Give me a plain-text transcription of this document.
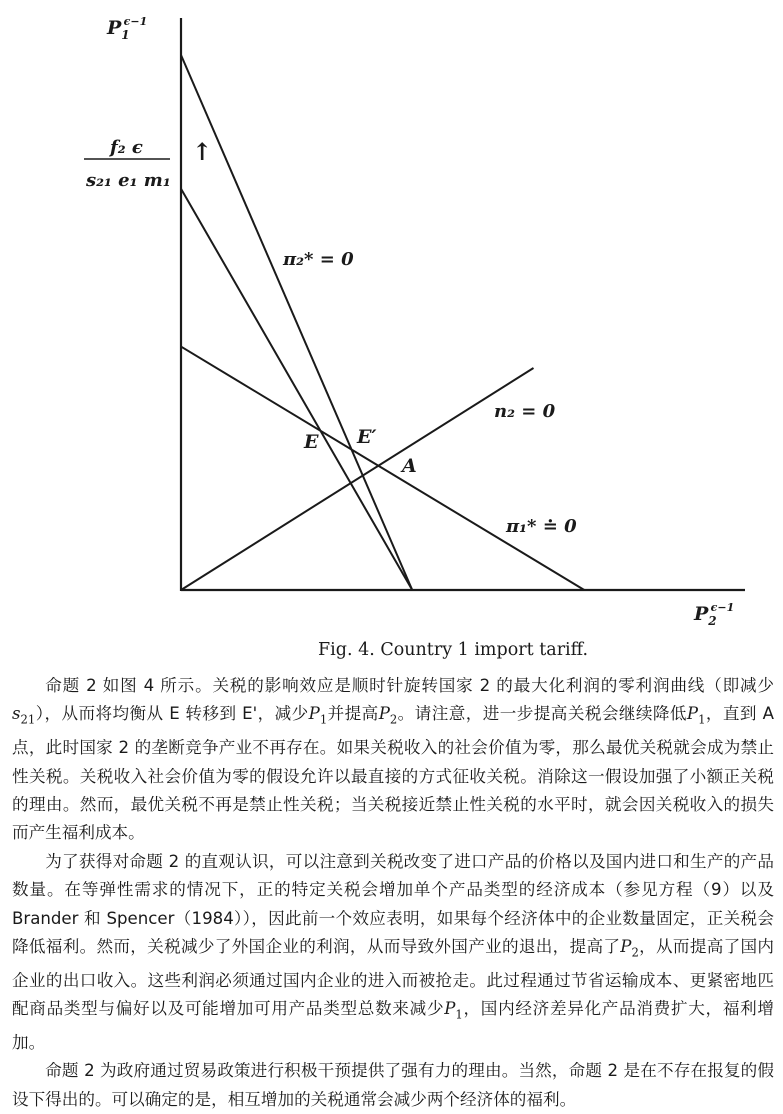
$P_1\epsilon-1$
f₂ ϵ
s₂₁ e₁ m₁
↑
π₂* = 0
n₂ = 0
π₁* ≐ 0
E E′
A
$P_2\epsilon-1$
Fig. 4. Country 1 import tariff.

命题 2 如图 4 所示。关税的影响效应是顺时针旋转国家 2 的最大化利润的零利润曲线（即减少$s_{21}$），从而将均衡从 E 转移到 E'，减少$P_1$并提高$P_2$。请注意，进一步提高关税会继续降低$P_1$，直到 A 点，此时国家 2 的垄断竞争产业不再存在。如果关税收入的社会价值为零，那么最优关税就会成为禁止性关税。关税收入社会价值为零的假设允许以最直接的方式征收关税。消除这一假设加强了小额正关税的理由。然而，最优关税不再是禁止性关税；当关税接近禁止性关税的水平时，就会因关税收入的损失而产生福利成本。

为了获得对命题 2 的直观认识，可以注意到关税改变了进口产品的价格以及国内进口和生产的产品数量。在等弹性需求的情况下，正的特定关税会增加单个产品类型的经济成本（参见方程（9）以及 Brander 和 Spencer（1984）），因此前一个效应表明，如果每个经济体中的企业数量固定，正关税会降低福利。然而，关税减少了外国企业的利润，从而导致外国产业的退出，提高了$P_2$，从而提高了国内企业的出口收入。这些利润必须通过国内企业的进入而被抢走。此过程通过节省运输成本、更紧密地匹配商品类型与偏好以及可能增加可用产品类型总数来减少$P_1$，国内经济差异化产品消费扩大，福利增加。

命题 2 为政府通过贸易政策进行积极干预提供了强有力的理由。当然，命题 2 是在不存在报复的假设下得出的。可以确定的是，相互增加的关税通常会减少两个经济体的福利。
